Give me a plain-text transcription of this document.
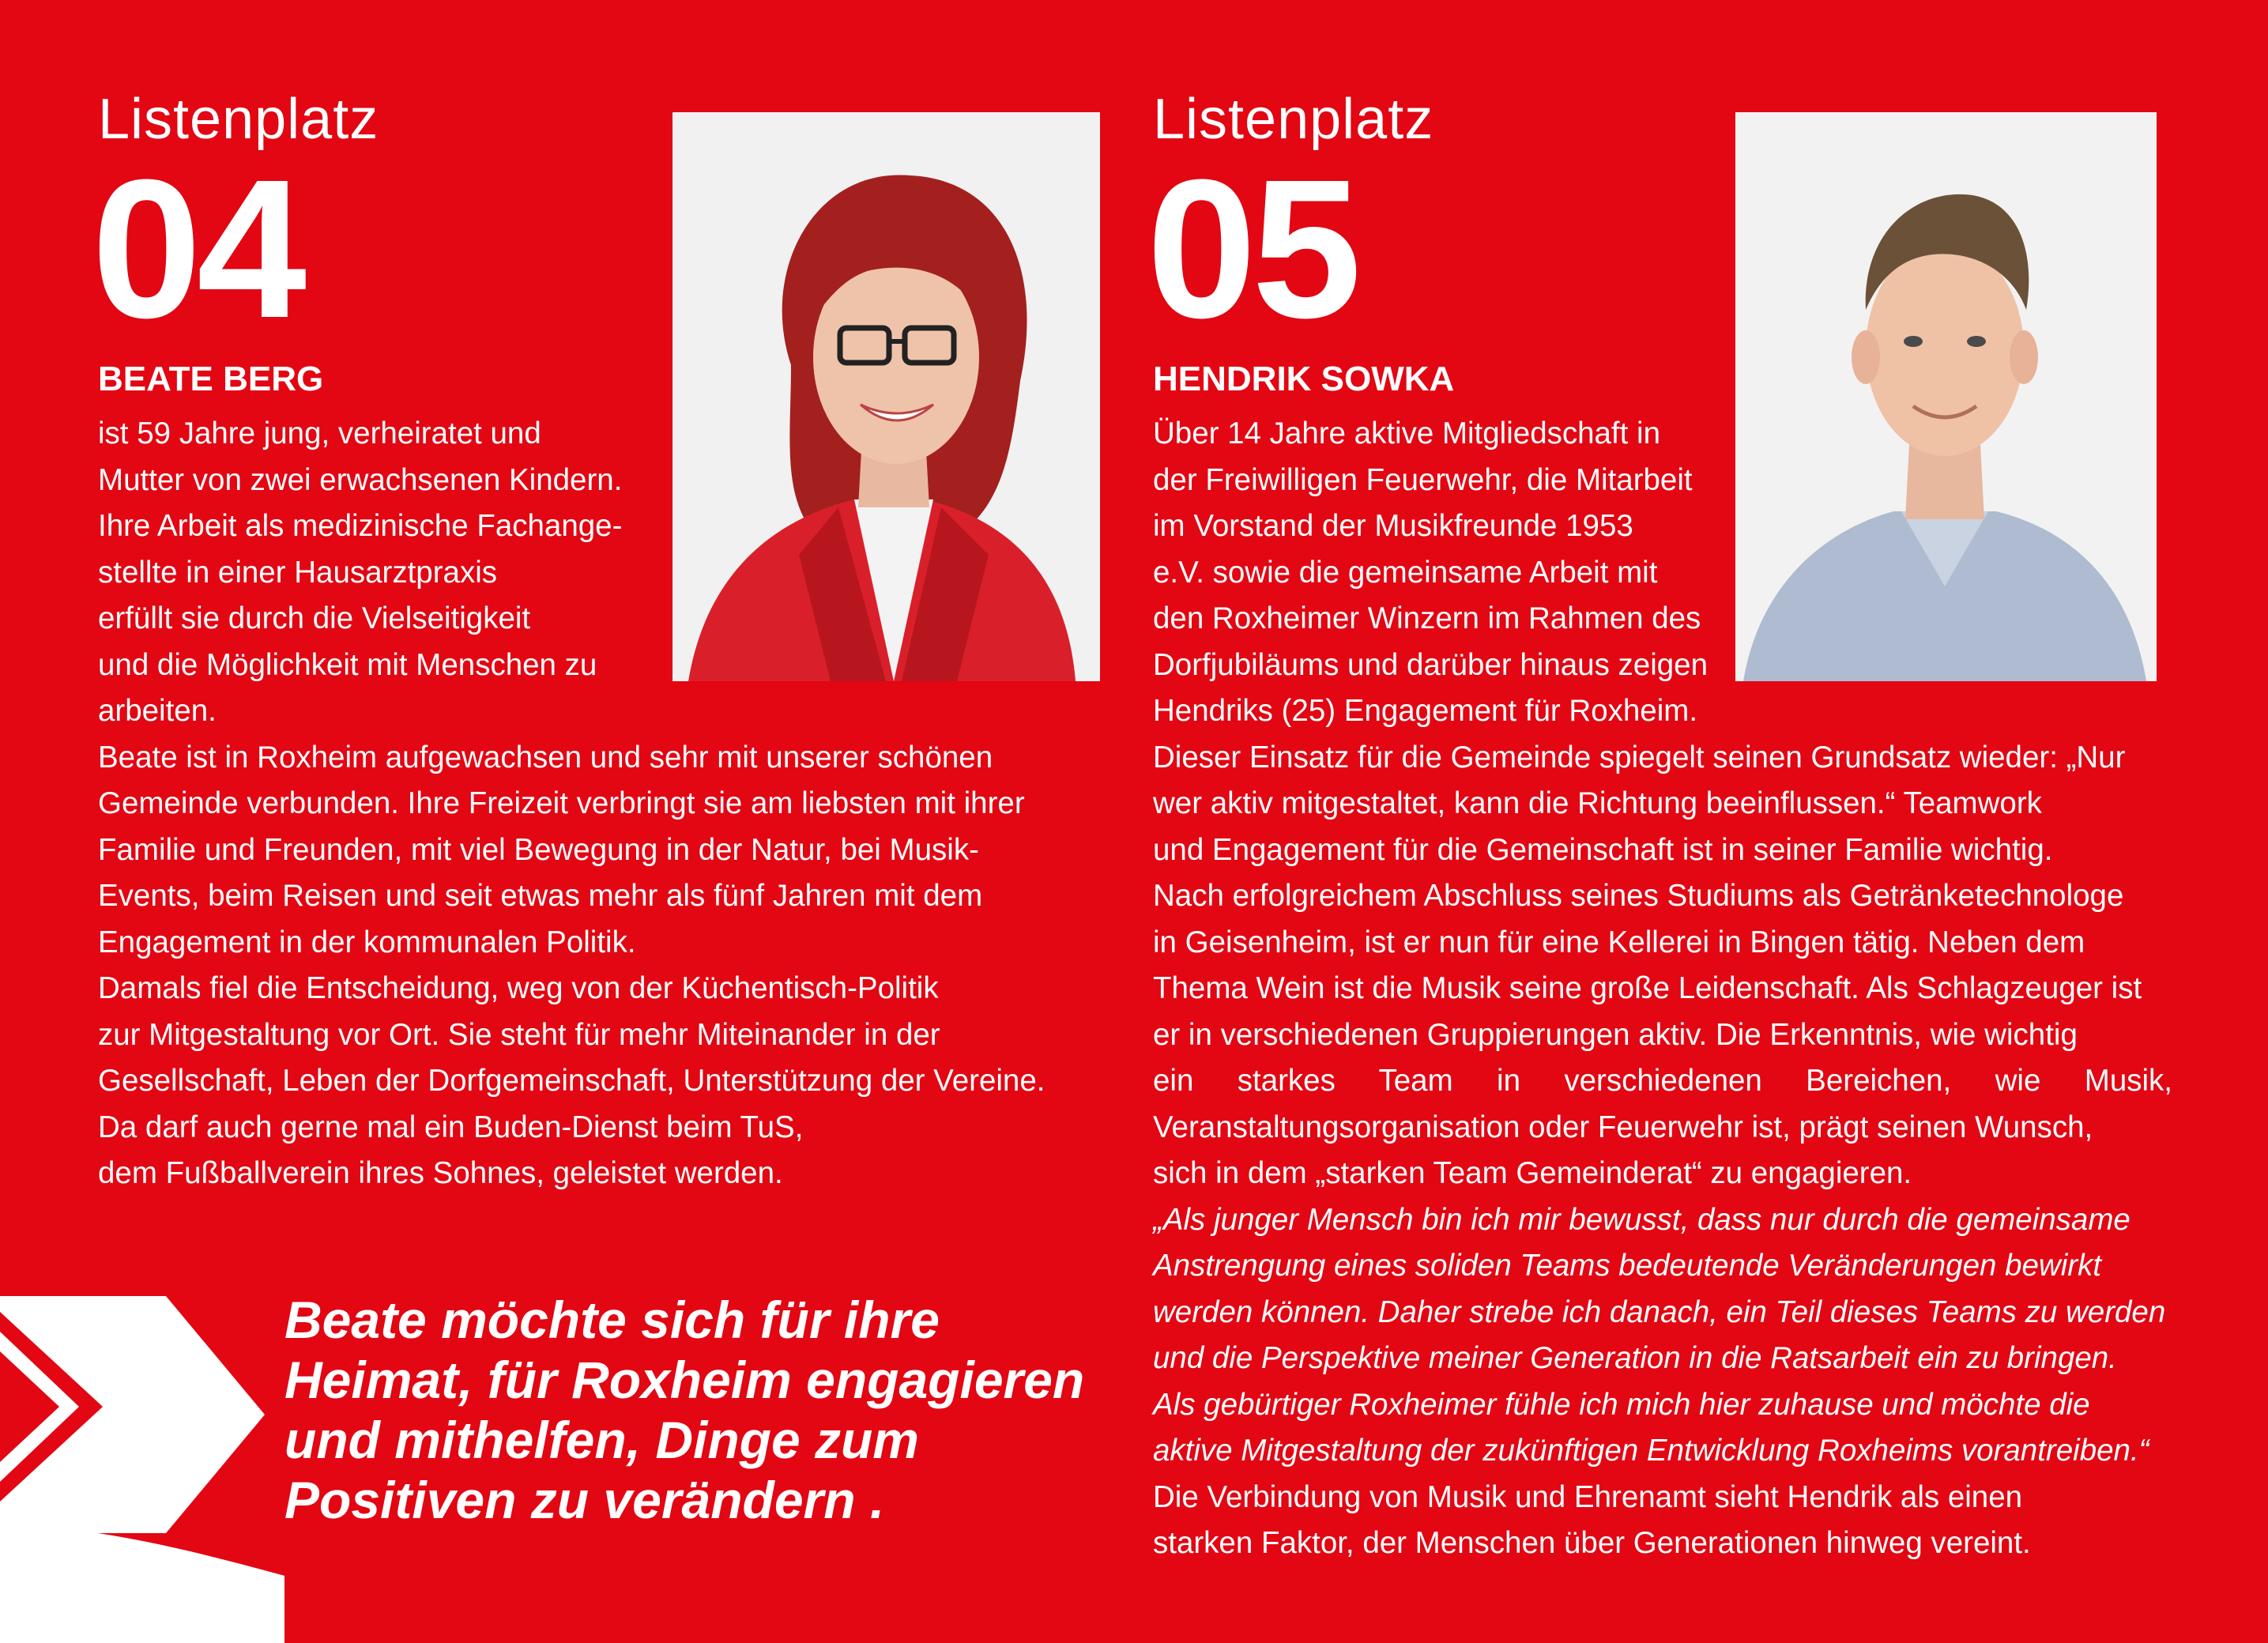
Listenplatz
04
BEATE BERG
ist 59 Jahre jung, verheiratet und
Mutter von zwei erwachsenen Kindern.
Ihre Arbeit als medizinische Fachange-
stellte in einer Hausarztpraxis
erfüllt sie durch die Vielseitigkeit
und die Möglichkeit mit Menschen zu
arbeiten.
Beate ist in Roxheim aufgewachsen und sehr mit unserer schönen
Gemeinde verbunden. Ihre Freizeit verbringt sie am liebsten mit ihrer
Familie und Freunden, mit viel Bewegung in der Natur, bei Musik-
Events, beim Reisen und seit etwas mehr als fünf Jahren mit dem
Engagement in der kommunalen Politik.
Damals fiel die Entscheidung, weg von der Küchentisch-Politik
zur Mitgestaltung vor Ort. Sie steht für mehr Miteinander in der
Gesellschaft, Leben der Dorfgemeinschaft, Unterstützung der Vereine.
Da darf auch gerne mal ein Buden-Dienst beim TuS,
dem Fußballverein ihres Sohnes, geleistet werden.
Listenplatz
05
HENDRIK SOWKA
Über 14 Jahre aktive Mitgliedschaft in
der Freiwilligen Feuerwehr, die Mitarbeit
im Vorstand der Musikfreunde 1953
e.V. sowie die gemeinsame Arbeit mit
den Roxheimer Winzern im Rahmen des
Dorfjubiläums und darüber hinaus zeigen
Hendriks (25) Engagement für Roxheim.
Dieser Einsatz für die Gemeinde spiegelt seinen Grundsatz wieder: „Nur
wer aktiv mitgestaltet, kann die Richtung beeinflussen.“ Teamwork
und Engagement für die Gemeinschaft ist in seiner Familie wichtig.
Nach erfolgreichem Abschluss seines Studiums als Getränketechnologe
in Geisenheim, ist er nun für eine Kellerei in Bingen tätig. Neben dem
Thema Wein ist die Musik seine große Leidenschaft. Als Schlagzeuger ist
er in verschiedenen Gruppierungen aktiv. Die Erkenntnis, wie wichtig
ein starkes Team in verschiedenen Bereichen, wie Musik,
Veranstaltungsorganisation oder Feuerwehr ist, prägt seinen Wunsch,
sich in dem „starken Team Gemeinderat“ zu engagieren.
„Als junger Mensch bin ich mir bewusst, dass nur durch die gemeinsame
Anstrengung eines soliden Teams bedeutende Veränderungen bewirkt
werden können. Daher strebe ich danach, ein Teil dieses Teams zu werden
und die Perspektive meiner Generation in die Ratsarbeit ein zu bringen.
Als gebürtiger Roxheimer fühle ich mich hier zuhause und möchte die
aktive Mitgestaltung der zukünftigen Entwicklung Roxheims vorantreiben.“
Die Verbindung von Musik und Ehrenamt sieht Hendrik als einen
starken Faktor, der Menschen über Generationen hinweg vereint.
Beate möchte sich für ihre
Heimat, für Roxheim engagieren
und mithelfen, Dinge zum
Positiven zu verändern .
